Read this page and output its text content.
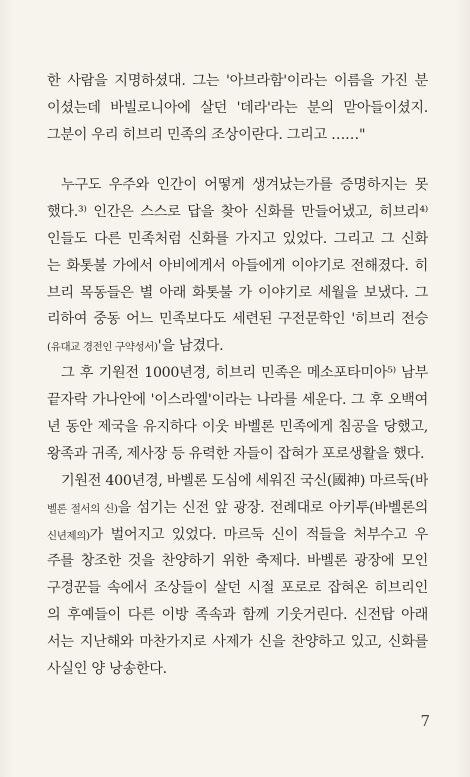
한 사람을 지명하셨대. 그는 '아브라함'이라는 이름을 가진 분
이셨는데 바빌로니아에 살던 '데라'라는 분의 맏아들이셨지.
그분이 우리 히브리 민족의 조상이란다. 그리고 ……"
누구도 우주와 인간이 어떻게 생겨났는가를 증명하지는 못
했다.³⁾ 인간은 스스로 답을 찾아 신화를 만들어냈고, 히브리⁴⁾
인들도 다른 민족처럼 신화를 가지고 있었다. 그리고 그 신화
는 화톳불 가에서 아비에게서 아들에게 이야기로 전해졌다. 히
브리 목동들은 별 아래 화톳불 가 이야기로 세월을 보냈다. 그
리하여 중동 어느 민족보다도 세련된 구전문학인 '히브리 전승
(유대교 경전인 구약성서)'을 남겼다.
그 후 기원전 1000년경, 히브리 민족은 메소포타미아⁵⁾ 남부
끝자락 가나안에 '이스라엘'이라는 나라를 세운다. 그 후 오백여
년 동안 제국을 유지하다 이웃 바벨론 민족에게 침공을 당했고,
왕족과 귀족, 제사장 등 유력한 자들이 잡혀가 포로생활을 했다.
기원전 400년경, 바벨론 도심에 세워진 국신(國神) 마르둑(바
벨론 절서의 신)을 섬기는 신전 앞 광장. 전례대로 아키투(바벨론의
신년제의)가 벌어지고 있었다. 마르둑 신이 적들을 처부수고 우
주를 창조한 것을 찬양하기 위한 축제다. 바벨론 광장에 모인
구경꾼들 속에서 조상들이 살던 시절 포로로 잡혀온 히브리인
의 후예들이 다른 이방 족속과 함께 기웃거린다. 신전탑 아래
서는 지난해와 마찬가지로 사제가 신을 찬양하고 있고, 신화를
사실인 양 낭송한다.
7
